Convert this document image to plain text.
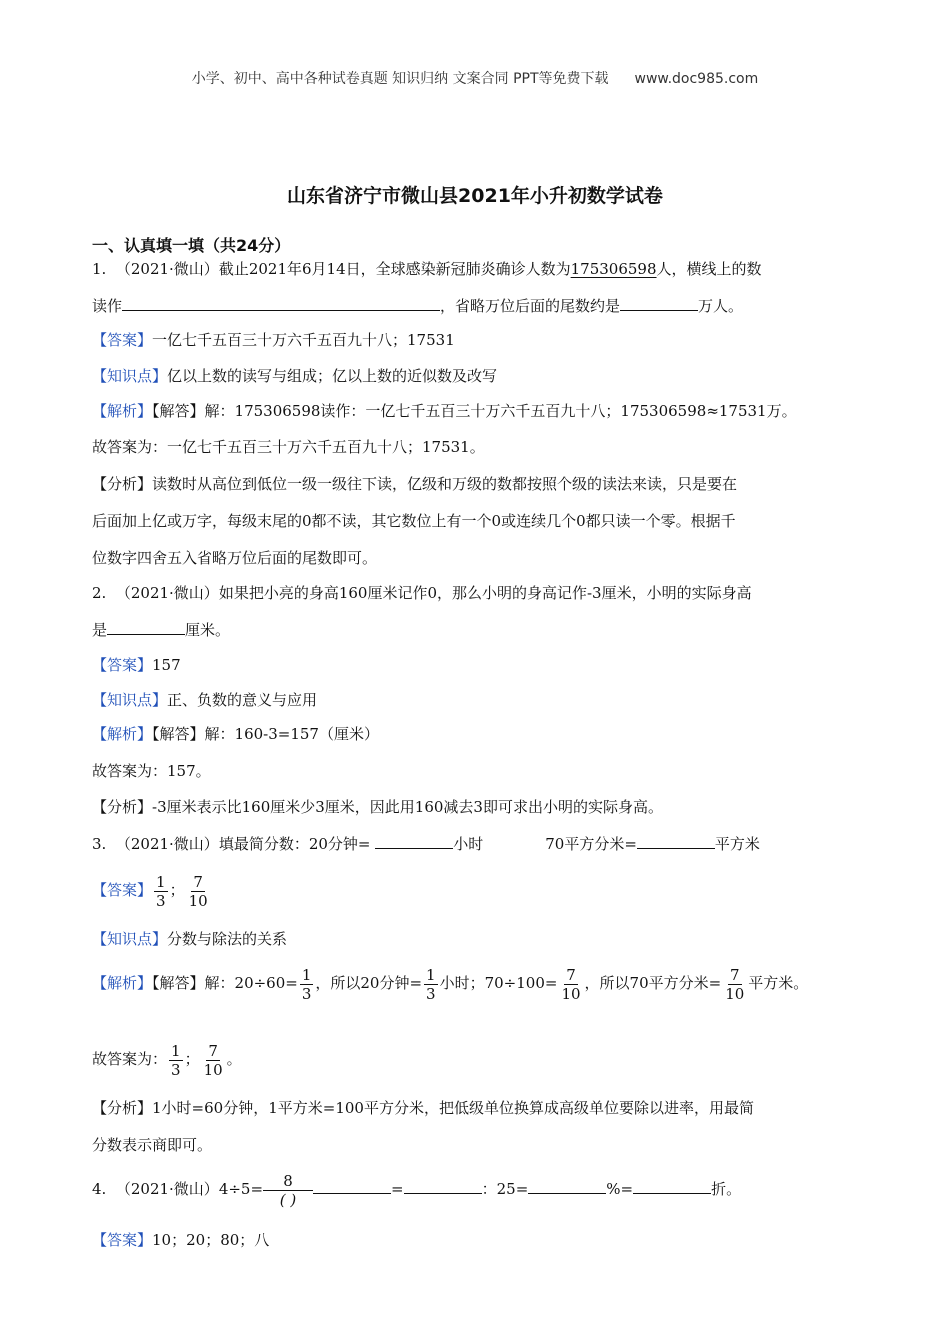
小学、初中、高中各种试卷真题 知识归纳 文案合同 PPT等免费下载 www.doc985.com
山东省济宁市微山县2021年小升初数学试卷
一、认真填一填（共24分）
1. （2021·微山）截止2021年6月14日，全球感染新冠肺炎确诊人数为175306598人，横线上的数
读作	，省略万位后面的尾数约是	万人。
【答案】一亿七千五百三十万六千五百九十八；17531
【知识点】亿以上数的读写与组成；亿以上数的近似数及改写
【解析】【解答】解：175306598读作：一亿七千五百三十万六千五百九十八；175306598≈17531万。
故答案为：一亿七千五百三十万六千五百九十八；17531。
【分析】读数时从高位到低位一级一级往下读，亿级和万级的数都按照个级的读法来读，只是要在
后面加上亿或万字，每级末尾的0都不读，其它数位上有一个0或连续几个0都只读一个零。根据千
位数字四舍五入省略万位后面的尾数即可。
2. （2021·微山）如果把小亮的身高160厘米记作0，那么小明的身高记作-3厘米，小明的实际身高
是	厘米。
【答案】157
【知识点】正、负数的意义与应用
【解析】【解答】解：160-3=157（厘米）
故答案为：157。
【分析】-3厘米表示比160厘米少3厘米，因此用160减去3即可求出小明的实际身高。
3. （2021·微山）填最简分数：20分钟=	小时	70平方分米=	平方米
【答案】 $\frac{1}{3}$ ； $\frac{7}{10}$
【知识点】分数与除法的关系
【解析】【解答】解：$20\div 60= \frac{1}{3}$ ，所以20分钟= $\frac{1}{3}$ 小时；$70\div 100= \frac{7}{10}$ ，所以70平方分米= $\frac{7}{10}$ 平方米。
故答案为： $\frac{1}{3}$ ； $\frac{7}{10}$ 。
【分析】1小时=60分钟，1平方米=100平方分米，把低级单位换算成高级单位要除以进率，用最简
分数表示商即可。
4. （2021·微山）$4\div 5= \frac{8}{( )}$	=	：25=	%=	折。
【答案】10；20；80；八
